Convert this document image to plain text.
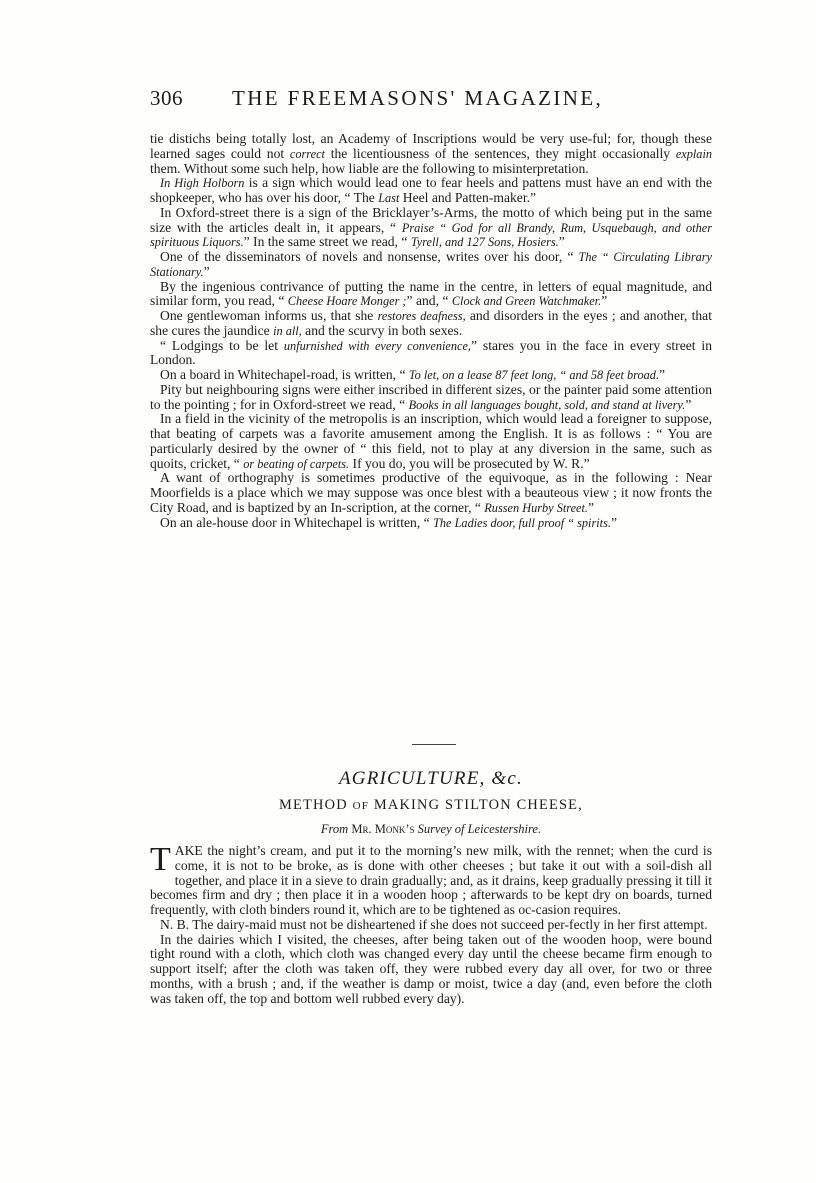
306 THE FREEMASONS' MAGAZINE,

tie distichs being totally lost, an Academy of Inscriptions would be very use-ful; for, though these learned sages could not correct the licentiousness of the sentences, they might occasionally explain them. Without some such help, how liable are the following to misinterpretation.

In High Holborn is a sign which would lead one to fear heels and pattens must have an end with the shopkeeper, who has over his door, “ The Last Heel and Patten-maker.”

In Oxford-street there is a sign of the Bricklayer’s-Arms, the motto of which being put in the same size with the articles dealt in, it appears, “ Praise “ God for all Brandy, Rum, Usquebaugh, and other spirituous Liquors.” In the same street we read, “ Tyrell, and 127 Sons, Hosiers.”

One of the disseminators of novels and nonsense, writes over his door, “ The “ Circulating Library Stationary.”

By the ingenious contrivance of putting the name in the centre, in letters of equal magnitude, and similar form, you read, “ Cheese Hoare Monger ;” and, “ Clock and Green Watchmaker.”

One gentlewoman informs us, that she restores deafness, and disorders in the eyes ; and another, that she cures the jaundice in all, and the scurvy in both sexes.

“ Lodgings to be let unfurnished with every convenience,” stares you in the face in every street in London.

On a board in Whitechapel-road, is written, “ To let, on a lease 87 feet long, “ and 58 feet broad.”

Pity but neighbouring signs were either inscribed in different sizes, or the painter paid some attention to the pointing ; for in Oxford-street we read, “ Books in all languages bought, sold, and stand at livery.”

In a field in the vicinity of the metropolis is an inscription, which would lead a foreigner to suppose, that beating of carpets was a favorite amusement among the English. It is as follows : “ You are particularly desired by the owner of “ this field, not to play at any diversion in the same, such as quoits, cricket, “ or beating of carpets. If you do, you will be prosecuted by W. R.”

A want of orthography is sometimes productive of the equivoque, as in the following : Near Moorfields is a place which we may suppose was once blest with a beauteous view ; it now fronts the City Road, and is baptized by an In-scription, at the corner, “ Russen Hurby Street.”

On an ale-house door in Whitechapel is written, “ The Ladies door, full proof “ spirits.”

AGRICULTURE, &c.
METHOD OF MAKING STILTON CHEESE,
From Mr. Monk’s Survey of Leicestershire.

TAKE the night’s cream, and put it to the morning’s new milk, with the rennet; when the curd is come, it is not to be broke, as is done with other cheeses ; but take it out with a soil-dish all together, and place it in a sieve to drain gradually; and, as it drains, keep gradually pressing it till it becomes firm and dry ; then place it in a wooden hoop ; afterwards to be kept dry on boards, turned frequently, with cloth binders round it, which are to be tightened as oc-casion requires.

N. B. The dairy-maid must not be disheartened if she does not succeed per-fectly in her first attempt.

In the dairies which I visited, the cheeses, after being taken out of the wooden hoop, were bound tight round with a cloth, which cloth was changed every day until the cheese became firm enough to support itself; after the cloth was taken off, they were rubbed every day all over, for two or three months, with a brush ; and, if the weather is damp or moist, twice a day (and, even before the cloth was taken off, the top and bottom well rubbed every day).
